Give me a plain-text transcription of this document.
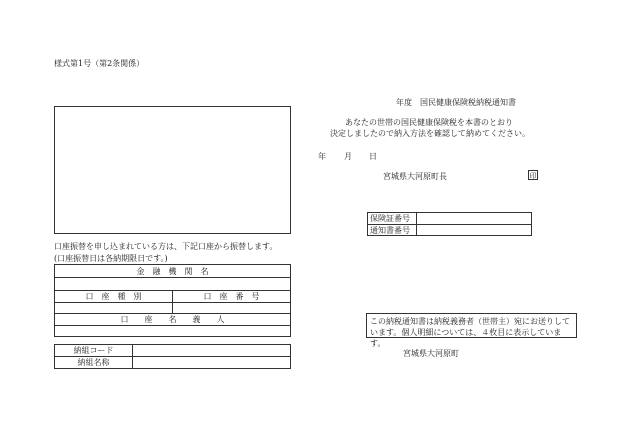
様式第1号（第2条関係）
口座振替を申し込まれている方は、下記口座から振替します。
(口座振替日は各納期限日です。)
金　融　機　関　名
口　座　種　別	口　座　番　号
口　　座　　名　　義　　人
納組コード
納組名称
年度　国民健康保険税納税通知書
あなたの世帯の国民健康保険税を本書のとおり
決定しましたので納入方法を確認して納めてください。
年 月 日
宮城県大河原町長	印
保険証番号
通知書番号
この納税通知書は納税義務者（世帯主）宛にお送りして
います。個人明細については、４枚目に表示しています。
宮城県大河原町
